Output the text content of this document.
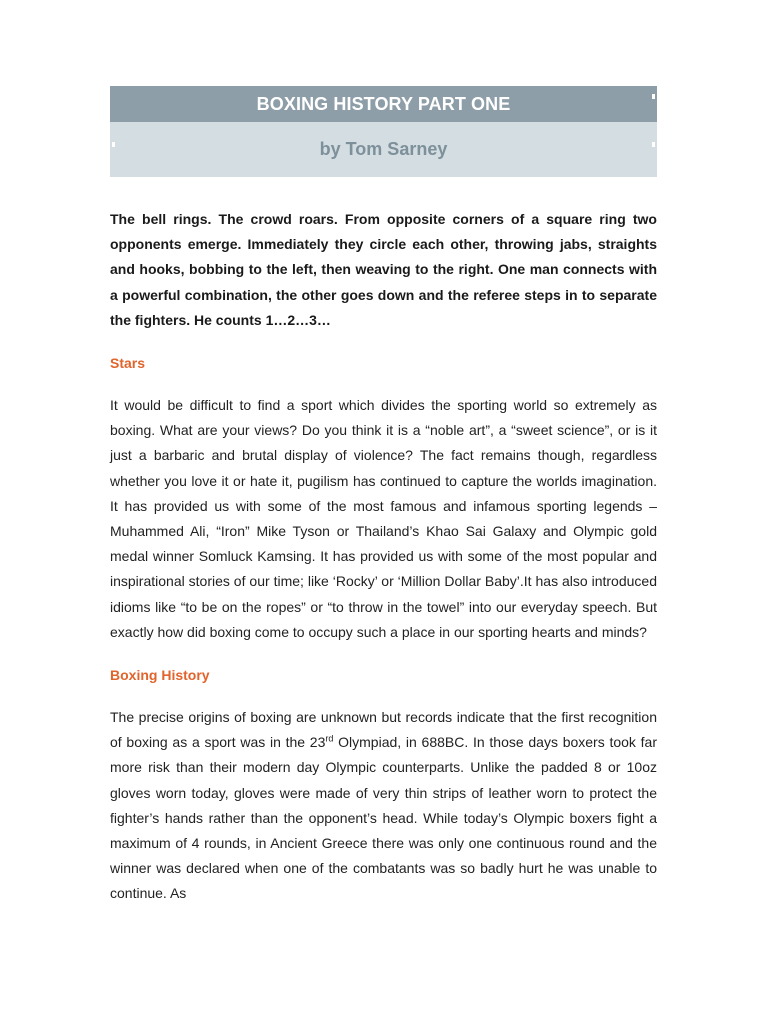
BOXING HISTORY PART ONE
by Tom Sarney

The bell rings. The crowd roars. From opposite corners of a square ring two opponents emerge. Immediately they circle each other, throwing jabs, straights and hooks, bobbing to the left, then weaving to the right. One man connects with a powerful combination, the other goes down and the referee steps in to separate the fighters. He counts 1…2…3…

Stars

It would be difficult to find a sport which divides the sporting world so extremely as boxing. What are your views? Do you think it is a “noble art”, a “sweet science”, or is it just a barbaric and brutal display of violence? The fact remains though, regardless whether you love it or hate it, pugilism has continued to capture the worlds imagination. It has provided us with some of the most famous and infamous sporting legends – Muhammed Ali, “Iron” Mike Tyson or Thailand’s Khao Sai Galaxy and Olympic gold medal winner Somluck Kamsing. It has provided us with some of the most popular and inspirational stories of our time; like ‘Rocky’ or ‘Million Dollar Baby’.It has also introduced idioms like “to be on the ropes” or “to throw in the towel” into our everyday speech. But exactly how did boxing come to occupy such a place in our sporting hearts and minds?

Boxing History

The precise origins of boxing are unknown but records indicate that the first recognition of boxing as a sport was in the 23rd Olympiad, in 688BC. In those days boxers took far more risk than their modern day Olympic counterparts. Unlike the padded 8 or 10oz gloves worn today, gloves were made of very thin strips of leather worn to protect the fighter’s hands rather than the opponent’s head. While today’s Olympic boxers fight a maximum of 4 rounds, in Ancient Greece there was only one continuous round and the winner was declared when one of the combatants was so badly hurt he was unable to continue. As
